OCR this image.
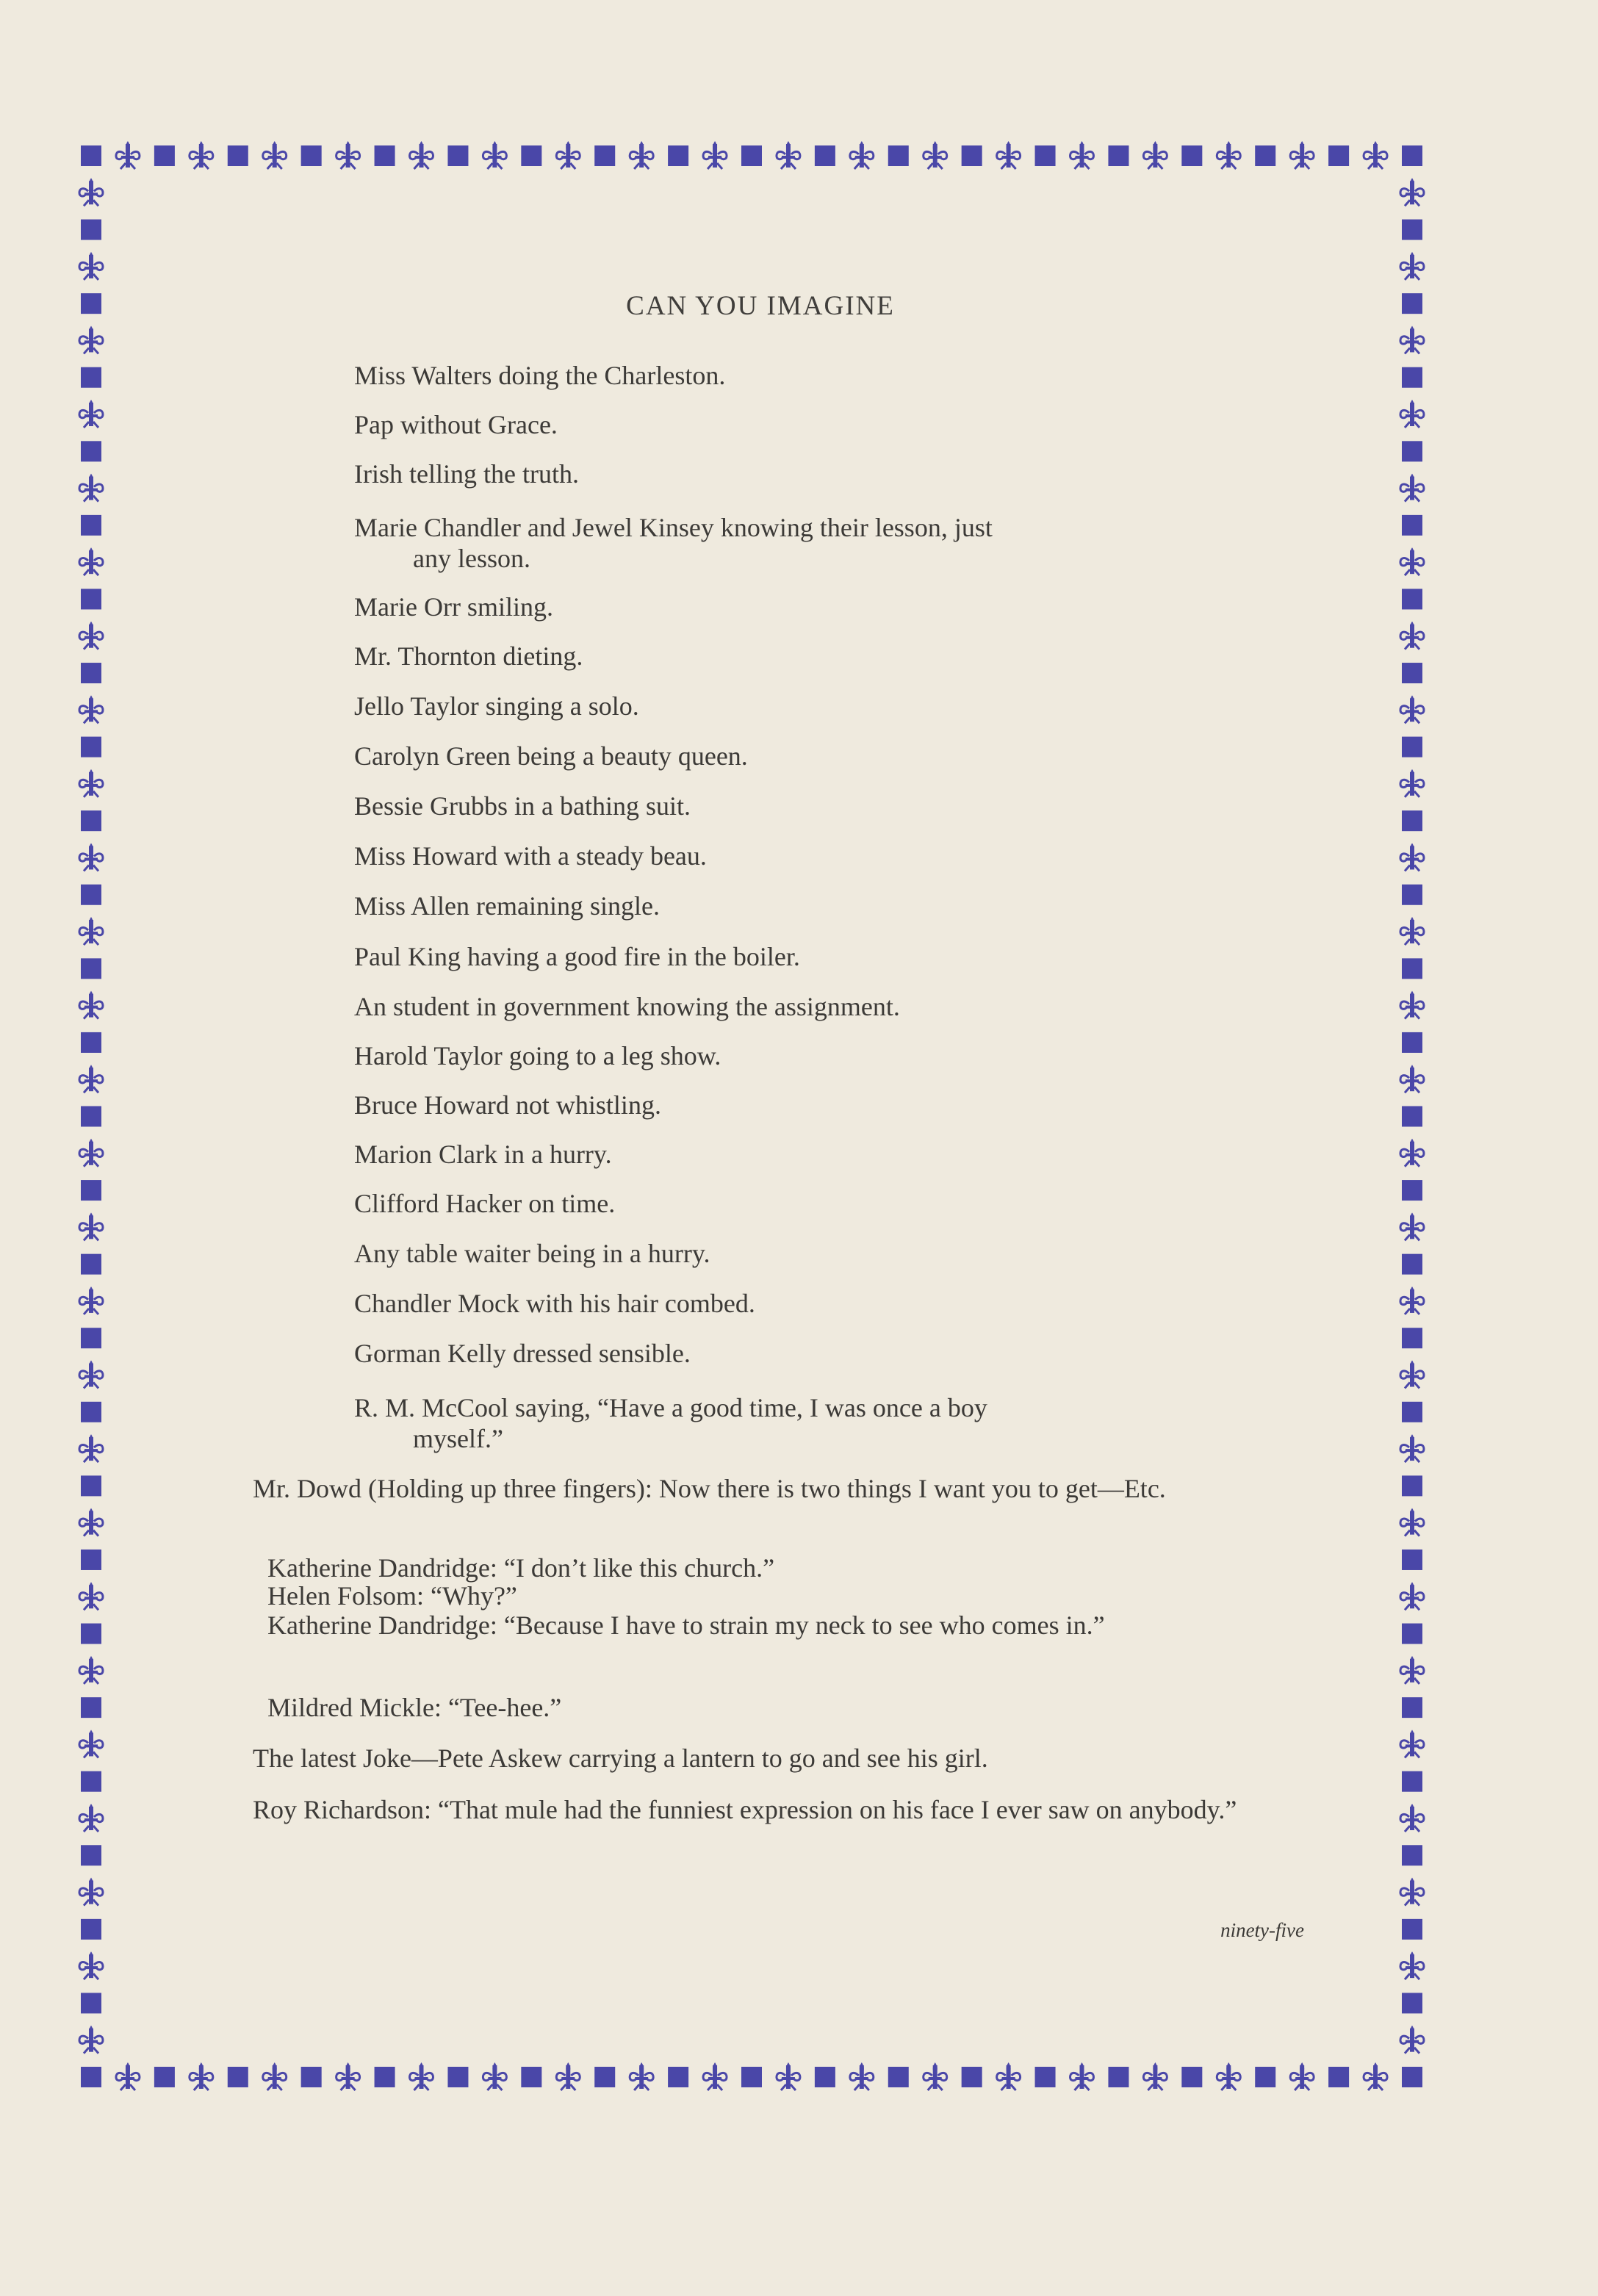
CAN YOU IMAGINE
Miss Walters doing the Charleston.
Pap without Grace.
Irish telling the truth.
Marie Chandler and Jewel Kinsey knowing their lesson, just
any lesson.
Marie Orr smiling.
Mr. Thornton dieting.
Jello Taylor singing a solo.
Carolyn Green being a beauty queen.
Bessie Grubbs in a bathing suit.
Miss Howard with a steady beau.
Miss Allen remaining single.
Paul King having a good fire in the boiler.
An student in government knowing the assignment.
Harold Taylor going to a leg show.
Bruce Howard not whistling.
Marion Clark in a hurry.
Clifford Hacker on time.
Any table waiter being in a hurry.
Chandler Mock with his hair combed.
Gorman Kelly dressed sensible.
R. M. McCool saying, “Have a good time, I was once a boy
myself.”
Mr. Dowd (Holding up three fingers): Now there is two things I want you to get—Etc.
Katherine Dandridge: “I don’t like this church.”
Helen Folsom: “Why?”
Katherine Dandridge: “Because I have to strain my neck to see who comes in.”
Mildred Mickle: “Tee-hee.”
The latest Joke—Pete Askew carrying a lantern to go and see his girl.
Roy Richardson: “That mule had the funniest expression on his face I ever saw on anybody.”
ninety-five
